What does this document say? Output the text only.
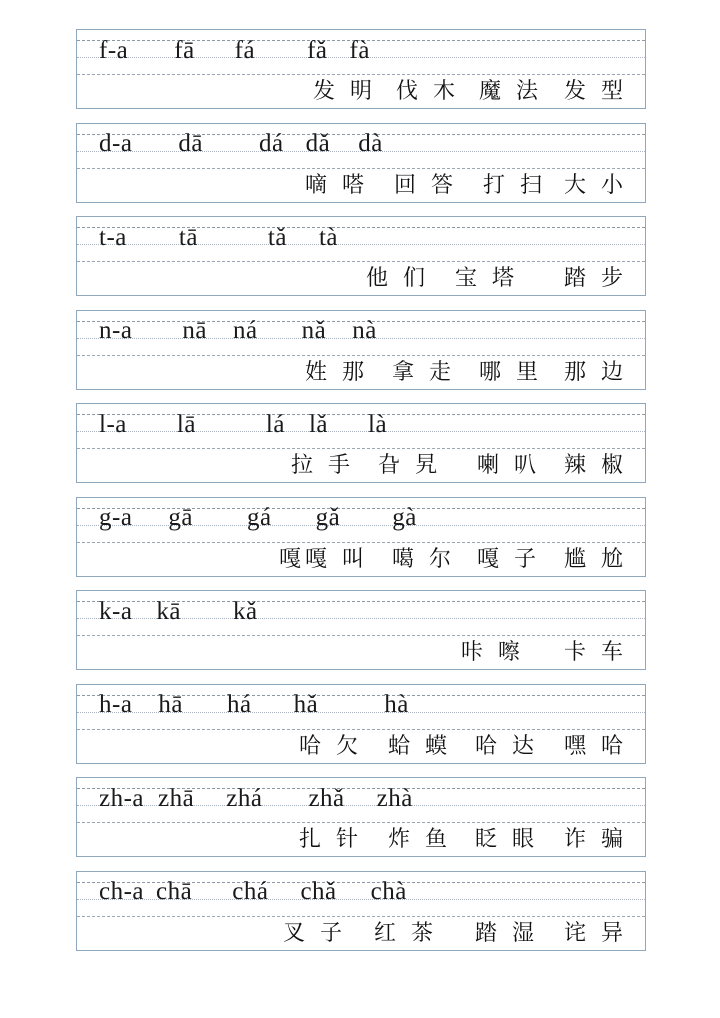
f-a fā fá fǎ fà
发 明 伐 木 魔 法 发 型
d-a dā dá dǎ dà
嘀 嗒 回 答 打 扫 大 小
t-a tā	tǎ tà
他 们 宝 塔 踏 步
n-a nā ná nǎ nà
姓 那 拿 走 哪 里 那 边
l-a lā	lá lǎ là
拉 手 旮 旯 喇 叭 辣 椒
g-a gā gá gǎ gà
嘎嘎 叫 噶 尔 嘎 子 尴 尬
k-a kā kǎ
咔 嚓 卡 车
h-a hā há hǎ	hà
哈 欠 蛤 蟆 哈 达 嘿 哈
zh-a zhā zhá zhǎ zhà
扎 针 炸 鱼 眨 眼 诈 骗
ch-a chā chá chǎ chà
叉 子 红 茶 踏 湿 诧 异
